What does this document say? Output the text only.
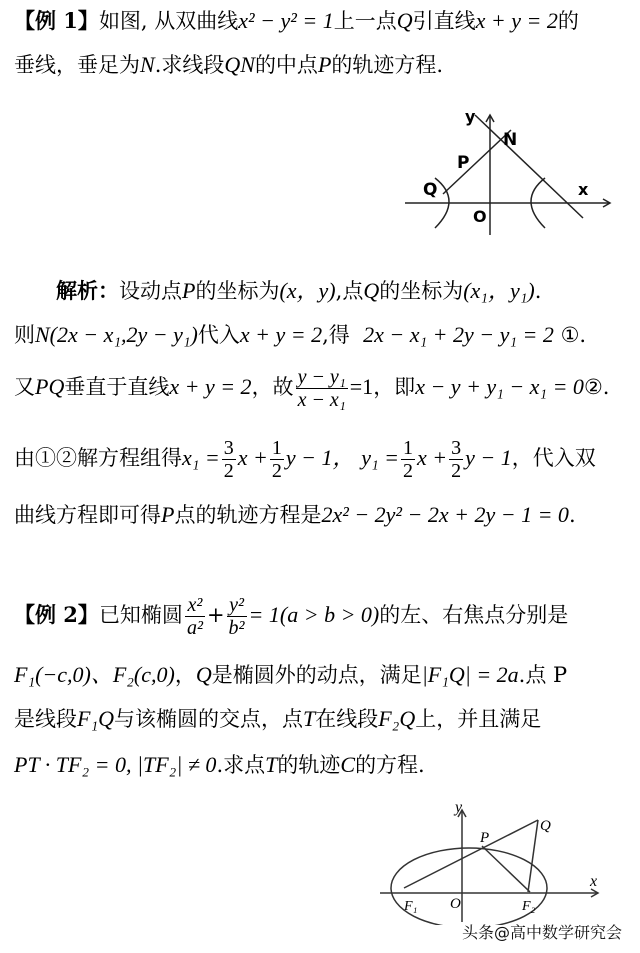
【例 1】如图, 从双曲线x² − y² = 1上一点Q引直线x + y = 2的
垂线，垂足为N.求线段QN的中点P的轨迹方程.
y
x
N
P
Q
O
解析：设动点P的坐标为(x，y),点Q的坐标为(x₁，y₁).
则N(2x − x₁,2y − y₁)代入x + y = 2,得 2x − x₁ + 2y − y₁ = 2 ①.
又PQ垂直于直线x + y = 2，故 $\frac{\text{y − y₁}}{\text{x − x₁}} =1$，即x − y + y₁ − x₁ = 0②.
由①②解方程组得$x_1 = \frac{3}{2}$ $x + \frac{1}{2}$ y − 1， $y_1 = \frac{1}{2}$ $x + \frac{3}{2}$ y − 1，代入双
曲线方程即可得P点的轨迹方程是2x² − 2y² − 2x + 2y − 1 = 0.
【例 2】已知椭圆 $\frac{\text{x²}}{\text{a²}} + \frac{\text{y²}}{\text{b²}} = 1(a > b > 0)$的左、右焦点分别是
F₁(−c,0)、F₂(c,0)，Q是椭圆外的动点，满足|F₁Q| = 2a.点 P
是线段F₁Q与该椭圆的交点，点T在线段F₂Q上，并且满足
PT · TF₂ = 0, |TF₂| ≠ 0.求点T的轨迹C的方程.
y
x
P
Q
O
F₁	F₂
头条@高中数学研究会
